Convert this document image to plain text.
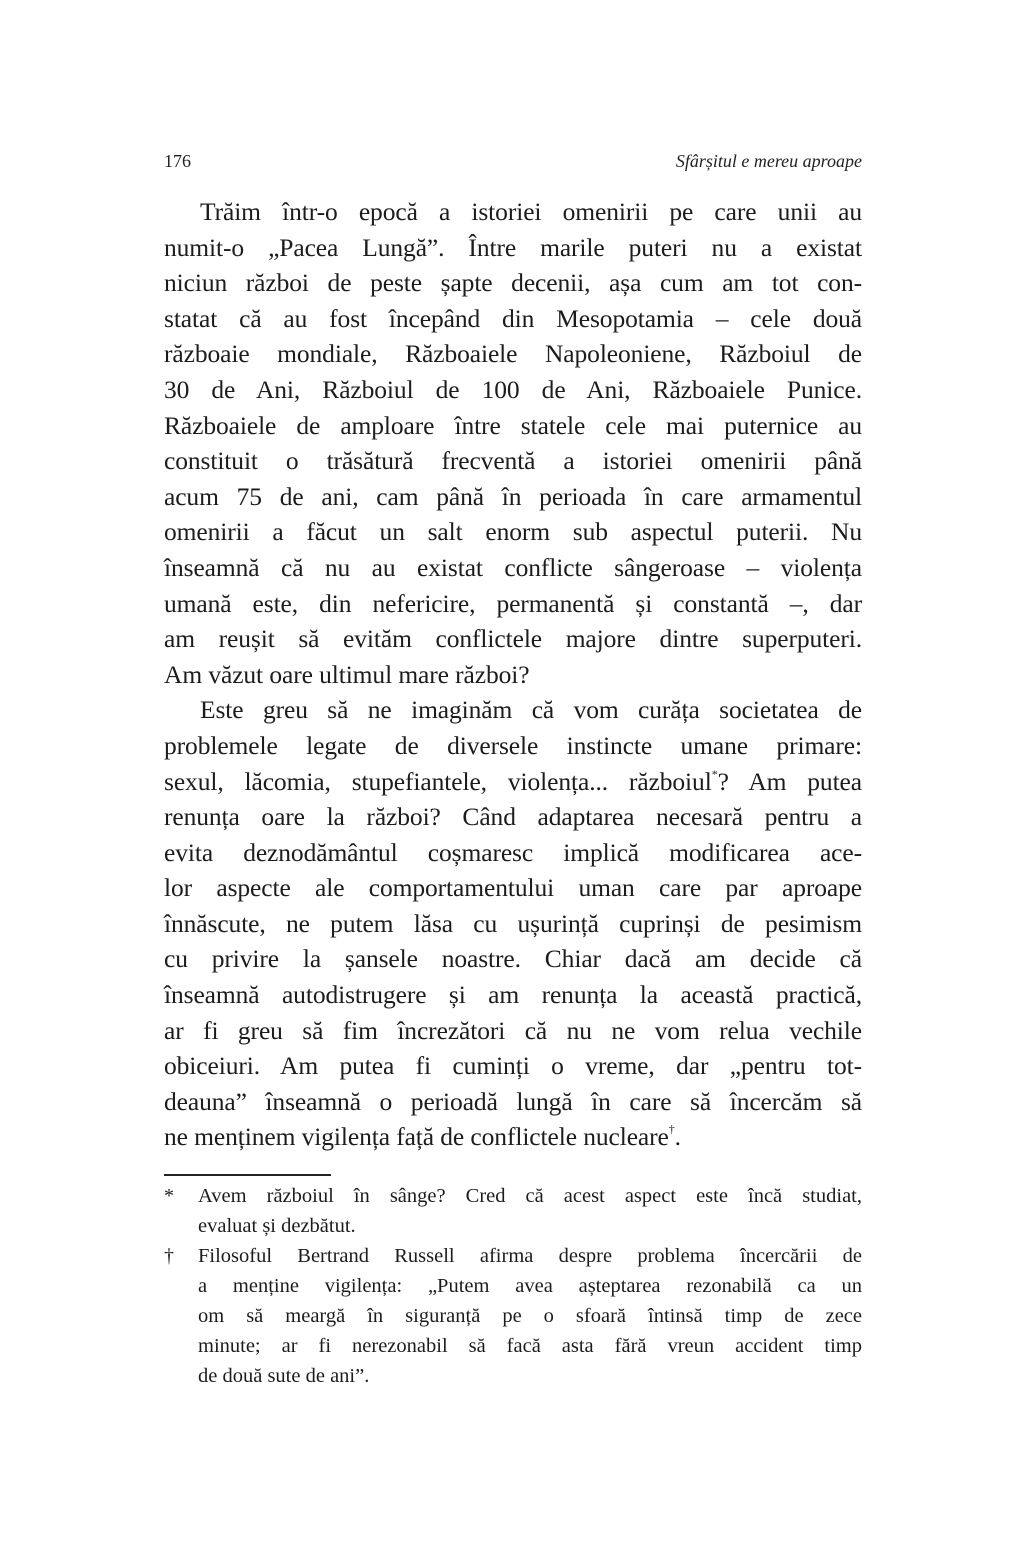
176	Sfârșitul e mereu aproape
Trăim într-o epocă a istoriei omenirii pe care unii au
numit-o „Pacea Lungă”. Între marile puteri nu a existat
niciun război de peste șapte decenii, așa cum am tot con-
statat că au fost începând din Mesopotamia – cele două
războaie mondiale, Războaiele Napoleoniene, Războiul de
30 de Ani, Războiul de 100 de Ani, Războaiele Punice.
Războaiele de amploare între statele cele mai puternice au
constituit o trăsătură frecventă a istoriei omenirii până
acum 75 de ani, cam până în perioada în care armamentul
omenirii a făcut un salt enorm sub aspectul puterii. Nu
înseamnă că nu au existat conflicte sângeroase – violența
umană este, din nefericire, permanentă și constantă –, dar
am reușit să evităm conflictele majore dintre superputeri.
Am văzut oare ultimul mare război?
Este greu să ne imaginăm că vom curăța societatea de
problemele legate de diversele instincte umane primare:
sexul, lăcomia, stupefiantele, violența... războiul*? Am putea
renunța oare la război? Când adaptarea necesară pentru a
evita deznodământul coșmaresc implică modificarea ace-
lor aspecte ale comportamentului uman care par aproape
înnăscute, ne putem lăsa cu ușurință cuprinși de pesimism
cu privire la șansele noastre. Chiar dacă am decide că
înseamnă autodistrugere și am renunța la această practică,
ar fi greu să fim încrezători că nu ne vom relua vechile
obiceiuri. Am putea fi cuminți o vreme, dar „pentru tot-
deauna” înseamnă o perioadă lungă în care să încercăm să
ne menținem vigilența față de conflictele nucleare†.
* Avem războiul în sânge? Cred că acest aspect este încă studiat,
evaluat și dezbătut.
† Filosoful Bertrand Russell afirma despre problema încercării de
a menține vigilența: „Putem avea așteptarea rezonabilă ca un
om să meargă în siguranță pe o sfoară întinsă timp de zece
minute; ar fi nerezonabil să facă asta fără vreun accident timp
de două sute de ani”.
